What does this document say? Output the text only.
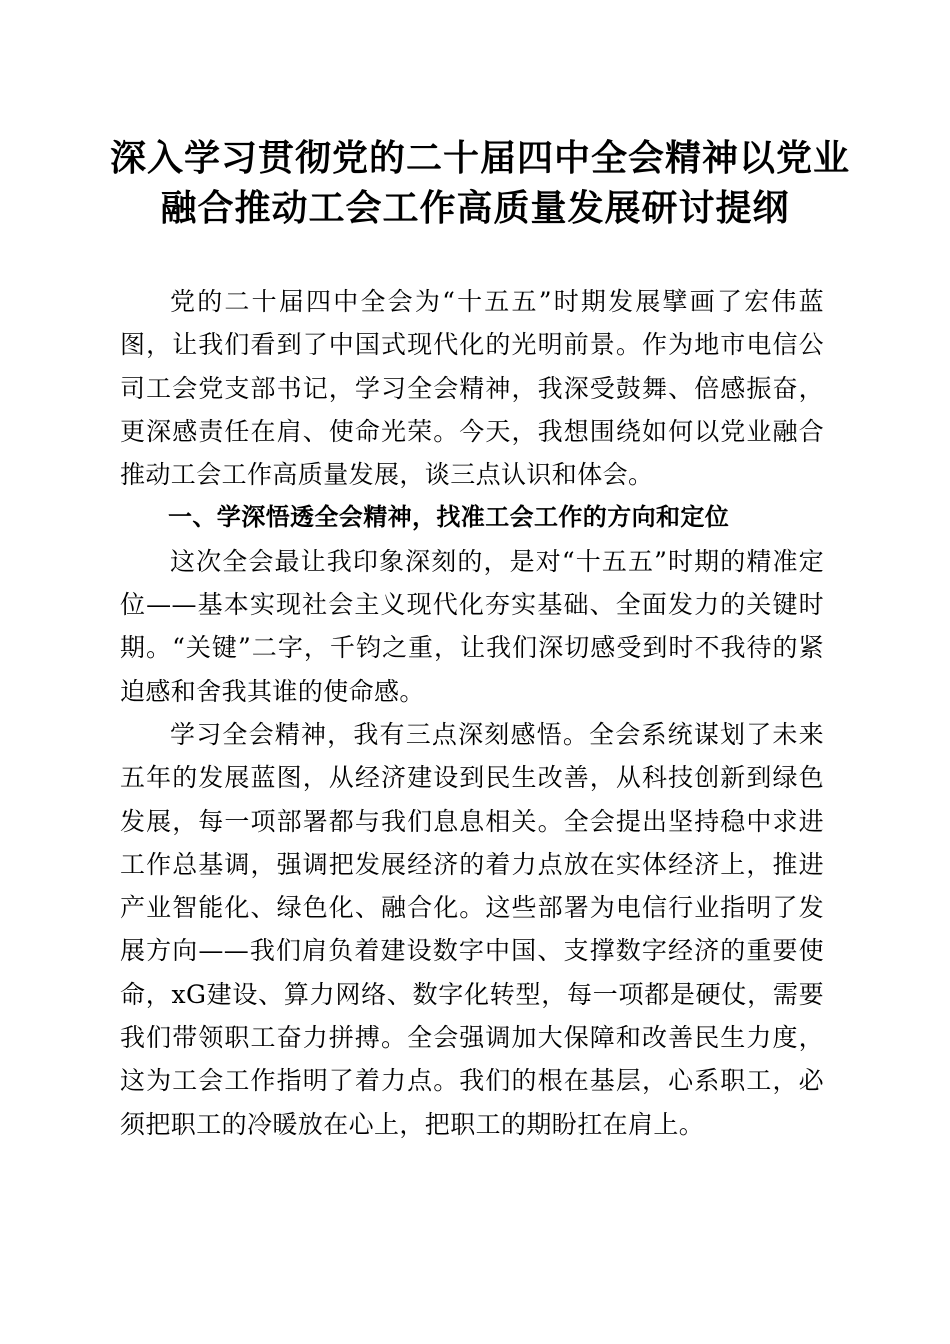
深入学习贯彻党的二十届四中全会精神以党业
融合推动工会工作高质量发展研讨提纲

党的二十届四中全会为“十五五”时期发展擘画了宏伟蓝图，让我们看到了中国式现代化的光明前景。作为地市电信公司工会党支部书记，学习全会精神，我深受鼓舞、倍感振奋，更深感责任在肩、使命光荣。今天，我想围绕如何以党业融合推动工会工作高质量发展，谈三点认识和体会。

一、学深悟透全会精神，找准工会工作的方向和定位

这次全会最让我印象深刻的，是对“十五五”时期的精准定位——基本实现社会主义现代化夯实基础、全面发力的关键时期。“关键”二字，千钧之重，让我们深切感受到时不我待的紧迫感和舍我其谁的使命感。

学习全会精神，我有三点深刻感悟。全会系统谋划了未来五年的发展蓝图，从经济建设到民生改善，从科技创新到绿色发展，每一项部署都与我们息息相关。全会提出坚持稳中求进工作总基调，强调把发展经济的着力点放在实体经济上，推进产业智能化、绿色化、融合化。这些部署为电信行业指明了发展方向——我们肩负着建设数字中国、支撑数字经济的重要使命，xG建设、算力网络、数字化转型，每一项都是硬仗，需要我们带领职工奋力拼搏。全会强调加大保障和改善民生力度，这为工会工作指明了着力点。我们的根在基层，心系职工，必须把职工的冷暖放在心上，把职工的期盼扛在肩上。
